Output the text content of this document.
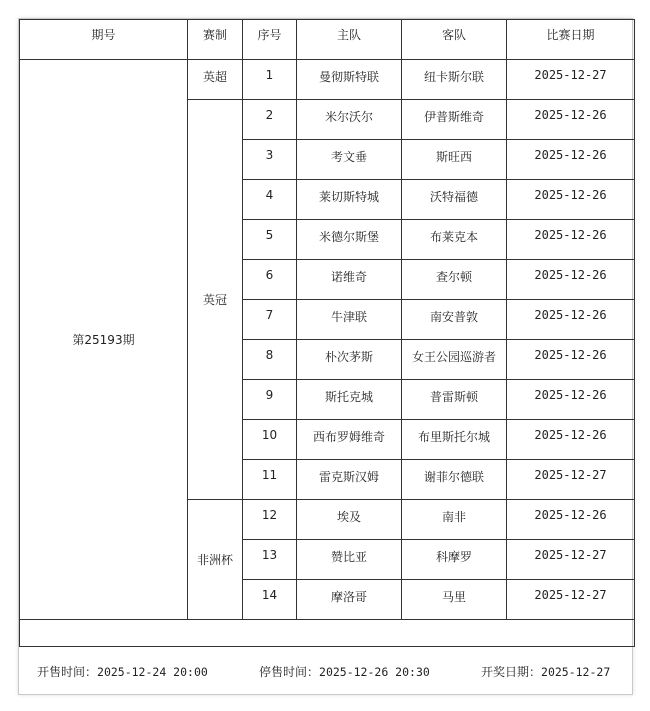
期号	赛制	序号	主队	客队	比赛日期
第25193期	英超	1	曼彻斯特联	纽卡斯尔联	2025-12-27
	英冠	2	米尔沃尔	伊普斯维奇	2025-12-26
		3	考文垂	斯旺西	2025-12-26
		4	莱切斯特城	沃特福德	2025-12-26
		5	米德尔斯堡	布莱克本	2025-12-26
		6	诺维奇	查尔顿	2025-12-26
		7	牛津联	南安普敦	2025-12-26
		8	朴次茅斯	女王公园巡游者	2025-12-26
		9	斯托克城	普雷斯顿	2025-12-26
		10	西布罗姆维奇	布里斯托尔城	2025-12-26
		11	雷克斯汉姆	谢菲尔德联	2025-12-27
	非洲杯	12	埃及	南非	2025-12-26
		13	赞比亚	科摩罗	2025-12-27
		14	摩洛哥	马里	2025-12-27

开售时间：2025-12-24 20:00	停售时间：2025-12-26 20:30	开奖日期：2025-12-27
